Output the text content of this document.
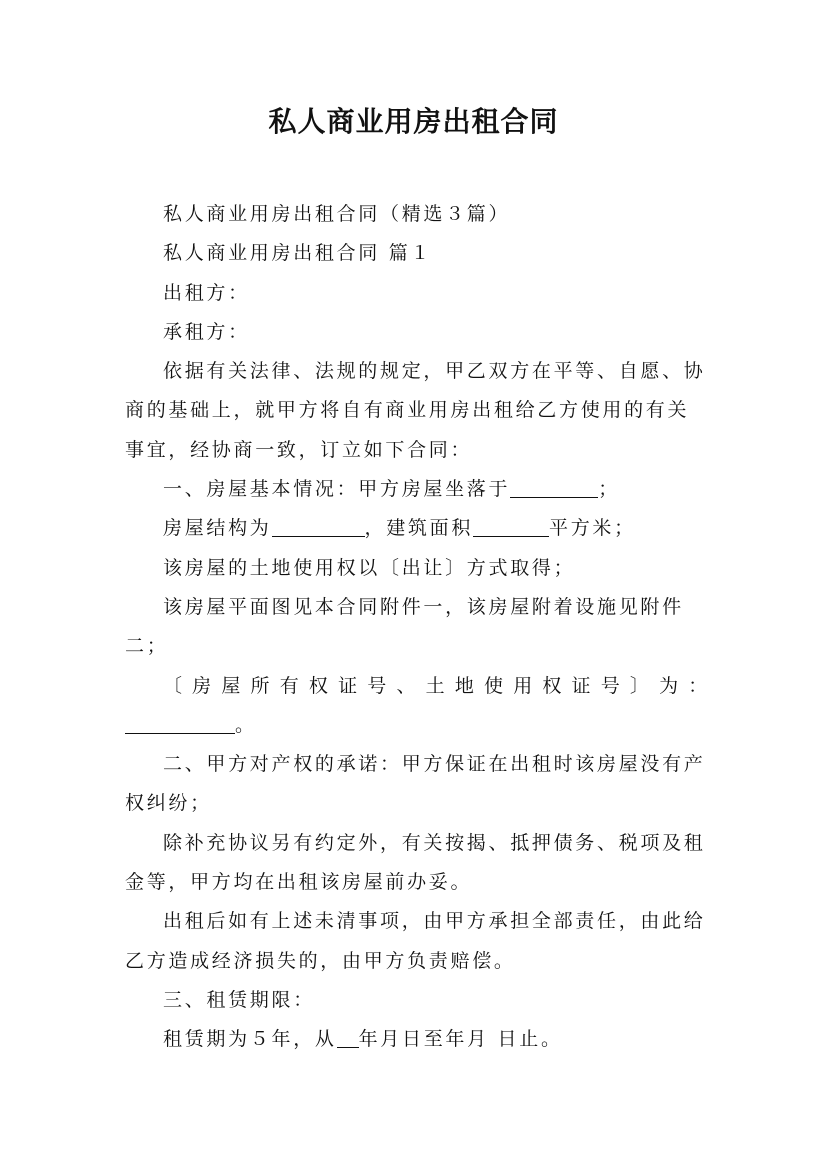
私人商业用房出租合同

私人商业用房出租合同（精选３篇）

私人商业用房出租合同 篇１

出租方：

承租方：

依据有关法律、法规的规定，甲乙双方在平等、自愿、协商的基础上，就甲方将自有商业用房出租给乙方使用的有关事宜，经协商一致，订立如下合同：

一、房屋基本情况：甲方房屋坐落于	；

房屋结构为	，建筑面积	平方米；

该房屋的土地使用权以〔出让〕方式取得；

该房屋平面图见本合同附件一，该房屋附着设施见附件二；

〔房屋所有权证号、土地使用权证号〕为：

。

二、甲方对产权的承诺：甲方保证在出租时该房屋没有产权纠纷；

除补充协议另有约定外，有关按揭、抵押债务、税项及租金等，甲方均在出租该房屋前办妥。

出租后如有上述未清事项，由甲方承担全部责任，由此给乙方造成经济损失的，由甲方负责赔偿。

三、租赁期限：

租赁期为５年，从 年月日至年月 日止。
